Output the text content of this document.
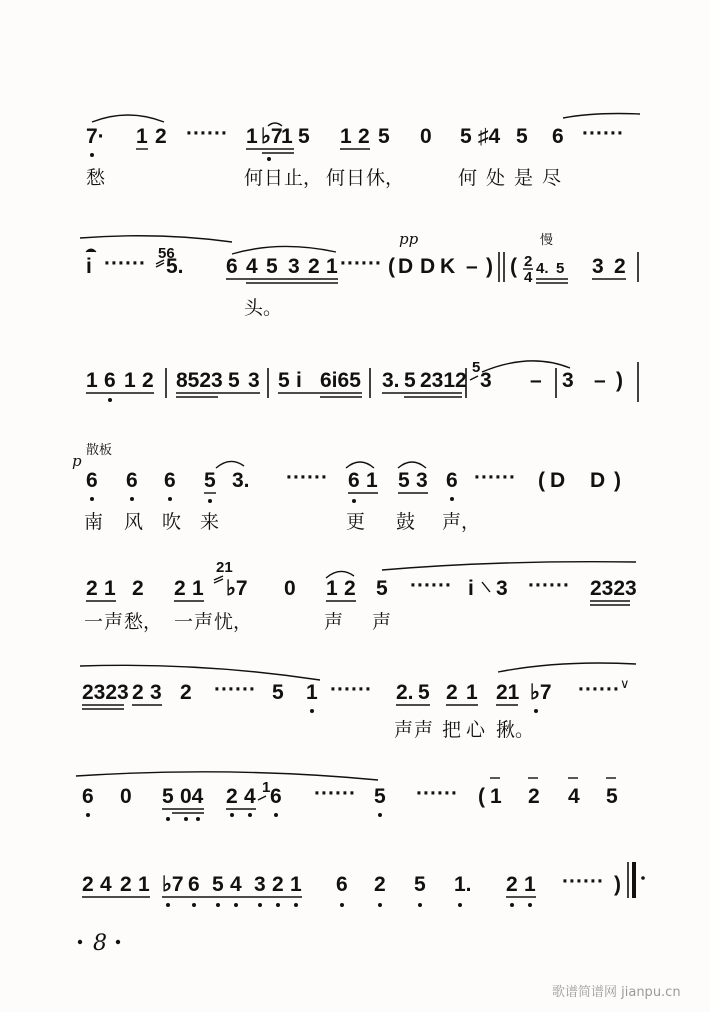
7· 1 2 ······ 1 ♭7
1 5 1 2 5 0 5 ♯4 5 6 ······
愁	何 日 止， 何 日 休，	何 处 是 尽
pp	慢
i ······ 56
5. 6 4 5 3 2 1 ······ ( D D K – ) ( 2
4
4. 5 3 2
头。
1 6 1 2 8523 5 3 5 i 6i65 3. 5 2312
5
3 – 3 – )
p
散板
6 6 6 5 3. ······ 6 1 5 3 6 ······ ( D D )
南 风 吹 来	更 鼓 声，
21
2 1 2 2 1 ♭7 0 1 2 5 ······ i 3 ······ 2323
一 声 愁， 一 声 忧，	声 声
2323 2 3 2 ······ 5 1 ······ 2. 5 2 1 21 ♭7 ······ ∨
声 声 把 心 揪。
1
6 0 5 04 2 4 6 ······ 5 ······ ( 1 2 4 5
2 4 2 1 ♭7 6 5 4 3 2 1 6 2 5 1. 2 1 ······ )
8
歌谱简谱网 jianpu.cn
